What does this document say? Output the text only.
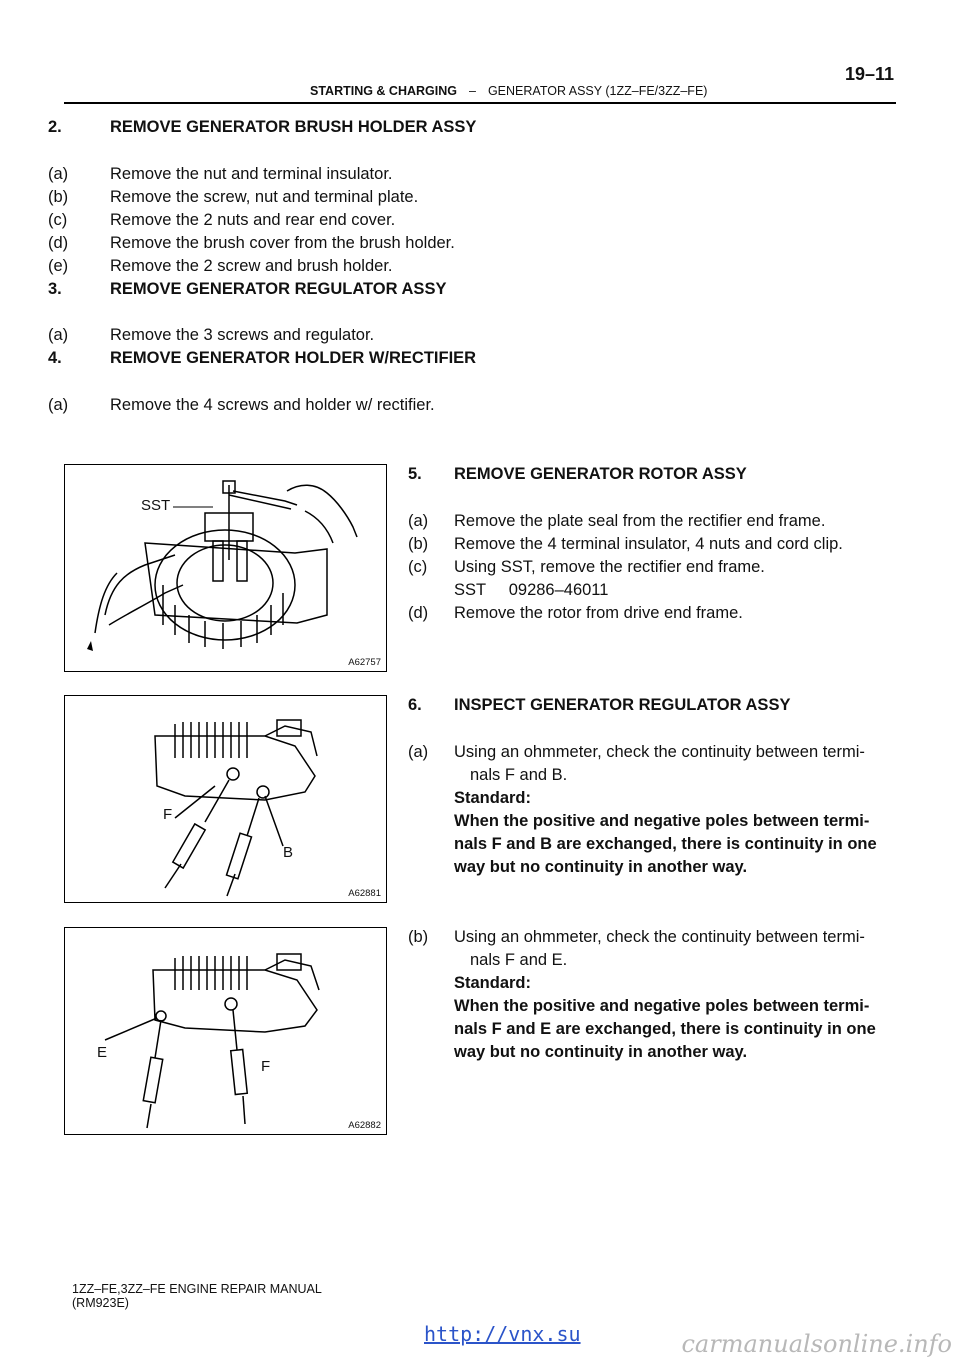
19–11
STARTING & CHARGING – GENERATOR ASSY (1ZZ–FE/3ZZ–FE)
2.	REMOVE GENERATOR BRUSH HOLDER ASSY
(a)	Remove the nut and terminal insulator.
(b)	Remove the screw, nut and terminal plate.
(c)	Remove the 2 nuts and rear end cover.
(d)	Remove the brush cover from the brush holder.
(e)	Remove the 2 screw and brush holder.
3.	REMOVE GENERATOR REGULATOR ASSY
(a)	Remove the 3 screws and regulator.
4.	REMOVE GENERATOR HOLDER W/RECTIFIER
(a)	Remove the 4 screws and holder w/ rectifier.
5. REMOVE GENERATOR ROTOR ASSY
(a) Remove the plate seal from the rectifier end frame.
(b) Remove the 4 terminal insulator, 4 nuts and cord clip.
(c) Using SST, remove the rectifier end frame.
SST     09286–46011
(d) Remove the rotor from drive end frame.
6. INSPECT GENERATOR REGULATOR ASSY
(a) Using an ohmmeter, check the continuity between termi-
nals F and B.
Standard:
When the positive and negative poles between termi-
nals F and B are exchanged, there is continuity in one
way but no continuity in another way.
(b) Using an ohmmeter, check the continuity between termi-
nals F and E.
Standard:
When the positive and negative poles between termi-
nals F and E are exchanged, there is continuity in one
way but no continuity in another way.
SST
A62757
F
B
A62881
E
F
A62882
1ZZ–FE,3ZZ–FE ENGINE REPAIR MANUAL
(RM923E)
http://vnx.su	carmanualsonline.info
